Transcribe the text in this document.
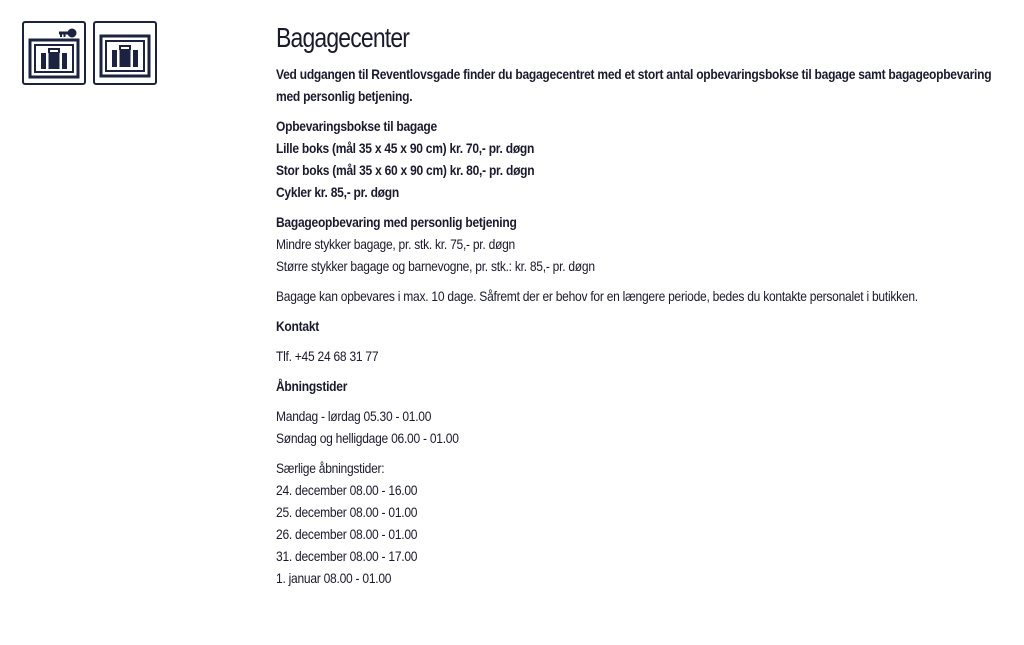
Bagagecenter
Ved udgangen til Reventlovsgade finder du bagagecentret med et stort antal opbevaringsbokse til bagage samt bagageopbevaring
med personlig betjening.
Opbevaringsbokse til bagage
Lille boks (mål 35 x 45 x 90 cm) kr. 70,- pr. døgn
Stor boks (mål 35 x 60 x 90 cm) kr. 80,- pr. døgn
Cykler kr. 85,- pr. døgn
Bagageopbevaring med personlig betjening
Mindre stykker bagage, pr. stk. kr. 75,- pr. døgn
Større stykker bagage og barnevogne, pr. stk.: kr. 85,- pr. døgn
Bagage kan opbevares i max. 10 dage. Såfremt der er behov for en længere periode, bedes du kontakte personalet i butikken.
Kontakt
Tlf. +45 24 68 31 77
Åbningstider
Mandag - lørdag 05.30 - 01.00
Søndag og helligdage 06.00 - 01.00
Særlige åbningstider:
24. december 08.00 - 16.00
25. december 08.00 - 01.00
26. december 08.00 - 01.00
31. december 08.00 - 17.00
1. januar 08.00 - 01.00
